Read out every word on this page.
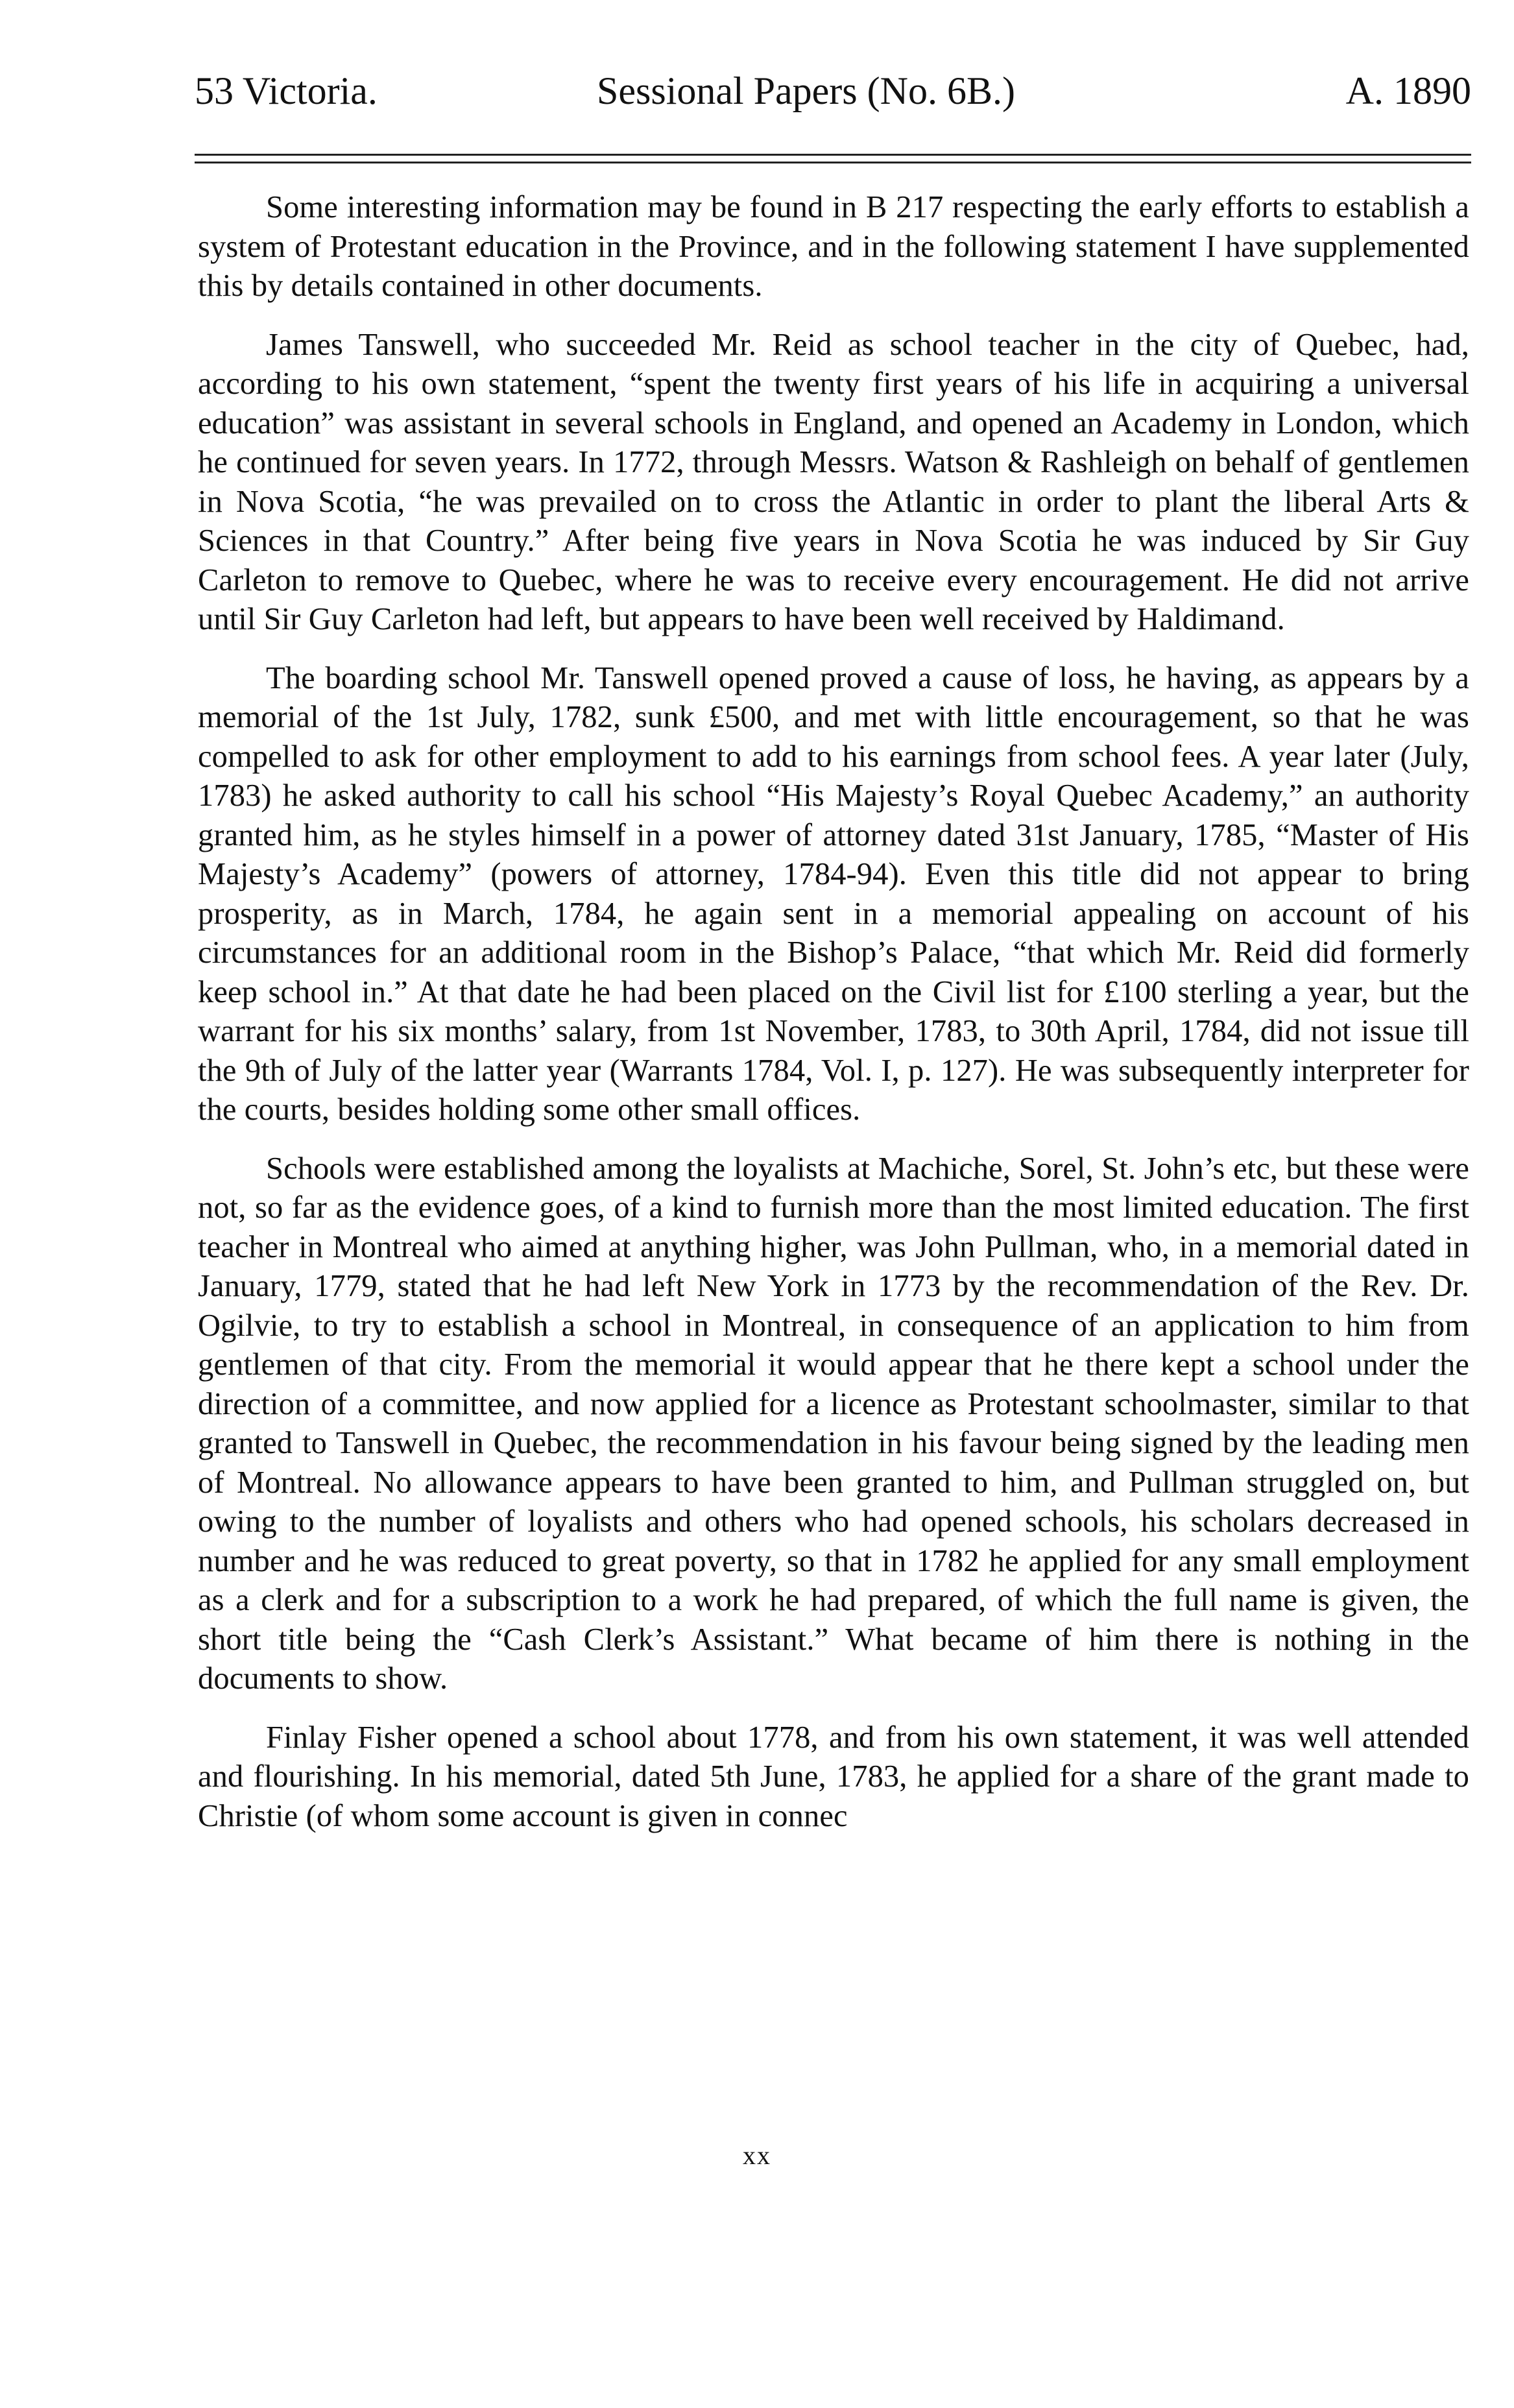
53 Victoria.	Sessional Papers (No. 6B.)	A. 1890

Some interesting information may be found in B 217 respecting the early efforts to establish a system of Protestant education in the Province, and in the following statement I have supplemented this by details contained in other documents.

James Tanswell, who succeeded Mr. Reid as school teacher in the city of Quebec, had, according to his own statement, “spent the twenty first years of his life in acquiring a universal education” was assistant in several schools in England, and opened an Academy in London, which he continued for seven years. In 1772, through Messrs. Watson & Rashleigh on behalf of gentlemen in Nova Scotia, “he was prevailed on to cross the Atlantic in order to plant the liberal Arts & Sciences in that Country.” After being five years in Nova Scotia he was induced by Sir Guy Carleton to remove to Quebec, where he was to receive every encouragement. He did not arrive until Sir Guy Carleton had left, but appears to have been well received by Haldimand.

The boarding school Mr. Tanswell opened proved a cause of loss, he having, as appears by a memorial of the 1st July, 1782, sunk £500, and met with little encouragement, so that he was compelled to ask for other employment to add to his earnings from school fees. A year later (July, 1783) he asked authority to call his school “His Majesty’s Royal Quebec Academy,” an authority granted him, as he styles himself in a power of attorney dated 31st January, 1785, “Master of His Majesty’s Academy” (powers of attorney, 1784-94). Even this title did not appear to bring prosperity, as in March, 1784, he again sent in a memorial appealing on account of his circumstances for an additional room in the Bishop’s Palace, “that which Mr. Reid did formerly keep school in.” At that date he had been placed on the Civil list for £100 sterling a year, but the warrant for his six months’ salary, from 1st November, 1783, to 30th April, 1784, did not issue till the 9th of July of the latter year (Warrants 1784, Vol. I, p. 127). He was subsequently interpreter for the courts, besides holding some other small offices.

Schools were established among the loyalists at Machiche, Sorel, St. John’s etc, but these were not, so far as the evidence goes, of a kind to furnish more than the most limited education. The first teacher in Montreal who aimed at anything higher, was John Pullman, who, in a memorial dated in January, 1779, stated that he had left New York in 1773 by the recommendation of the Rev. Dr. Ogilvie, to try to establish a school in Montreal, in consequence of an application to him from gentlemen of that city. From the memorial it would appear that he there kept a school under the direction of a committee, and now applied for a licence as Protestant schoolmaster, similar to that granted to Tanswell in Quebec, the recommendation in his favour being signed by the leading men of Montreal. No allowance appears to have been granted to him, and Pullman struggled on, but owing to the number of loyalists and others who had opened schools, his scholars decreased in number and he was reduced to great poverty, so that in 1782 he applied for any small employment as a clerk and for a subscription to a work he had prepared, of which the full name is given, the short title being the “Cash Clerk’s Assistant.” What became of him there is nothing in the documents to show.

Finlay Fisher opened a school about 1778, and from his own statement, it was well attended and flourishing. In his memorial, dated 5th June, 1783, he applied for a share of the grant made to Christie (of whom some account is given in connec

xx
